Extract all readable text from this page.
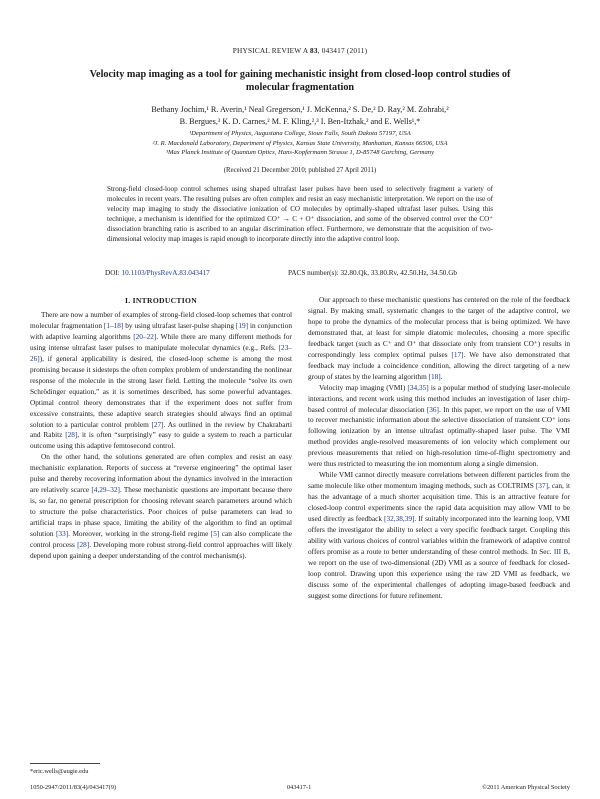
PHYSICAL REVIEW A 83, 043417 (2011)
Velocity map imaging as a tool for gaining mechanistic insight from closed-loop control studies of molecular fragmentation
Bethany Jochim,¹ R. Averin,¹ Neal Gregerson,¹ J. McKenna,² S. De,² D. Ray,² M. Zohrabi,²
B. Bergues,³ K. D. Carnes,² M. F. Kling,²,³ I. Ben-Itzhak,² and E. Wells¹,*
¹Department of Physics, Augustana College, Sioux Falls, South Dakota 57197, USA
²J. R. Macdonald Laboratory, Department of Physics, Kansas State University, Manhattan, Kansas 66506, USA
³Max Planck Institute of Quantum Optics, Hans-Kopfermann Strasse 1, D-85748 Garching, Germany
(Received 21 December 2010; published 27 April 2011)

Strong-field closed-loop control schemes using shaped ultrafast laser pulses have been used to selectively fragment a variety of molecules in recent years. The resulting pulses are often complex and resist an easy mechanistic interpretation. We report on the use of velocity map imaging to study the dissociative ionization of CO molecules by optimally-shaped ultrafast laser pulses. Using this technique, a mechanism is identified for the optimized CO⁺ → C + O⁺ dissociation, and some of the observed control over the CO⁺ dissociation branching ratio is ascribed to an angular discrimination effect. Furthermore, we demonstrate that the acquisition of two-dimensional velocity map images is rapid enough to incorporate directly into the adaptive control loop.

DOI: 10.1103/PhysRevA.83.043417	PACS number(s): 32.80.Qk, 33.80.Rv, 42.50.Hz, 34.50.Gb
I. INTRODUCTION

There are now a number of examples of strong-field closed-loop schemes that control molecular fragmentation [1–18] by using ultrafast laser-pulse shaping [19] in conjunction with adaptive learning algorithms [20–22]. While there are many different methods for using intense ultrafast laser pulses to manipulate molecular dynamics (e.g., Refs. [23–26]), if general applicability is desired, the closed-loop scheme is among the most promising because it sidesteps the often complex problem of understanding the nonlinear response of the molecule in the strong laser field. Letting the molecule “solve its own Schrödinger equation,” as it is sometimes described, has some powerful advantages. Optimal control theory demonstrates that if the experiment does not suffer from excessive constraints, these adaptive search strategies should always find an optimal solution to a particular control problem [27]. As outlined in the review by Chakrabarti and Rabitz [28], it is often “surprisingly” easy to guide a system to reach a particular outcome using this adaptive femtosecond control.

On the other hand, the solutions generated are often complex and resist an easy mechanistic explanation. Reports of success at “reverse engineering” the optimal laser pulse and thereby recovering information about the dynamics involved in the interaction are relatively scarce [4,29–32]. These mechanistic questions are important because there is, so far, no general prescription for choosing relevant search parameters around which to structure the pulse characteristics. Poor choices of pulse parameters can lead to artificial traps in phase space, limiting the ability of the algorithm to find an optimal solution [33]. Moreover, working in the strong-field regime [5] can also complicate the control process [28]. Developing more robust strong-field control approaches will likely depend upon gaining a deeper understanding of the control mechanism(s).

Our approach to these mechanistic questions has centered on the role of the feedback signal. By making small, systematic changes to the target of the adaptive control, we hope to probe the dynamics of the molecular process that is being optimized. We have demonstrated that, at least for simple diatomic molecules, choosing a more specific feedback target (such as C⁺ and O⁺ that dissociate only from transient CO⁺) results in correspondingly less complex optimal pulses [17]. We have also demonstrated that feedback may include a coincidence condition, allowing the direct targeting of a new group of states by the learning algorithm [18].

Velocity map imaging (VMI) [34,35] is a popular method of studying laser-molecule interactions, and recent work using this method includes an investigation of laser chirp-based control of molecular dissociation [36]. In this paper, we report on the use of VMI to recover mechanistic information about the selective dissociation of transient CO⁺ ions following ionization by an intense ultrafast optimally-shaped laser pulse. The VMI method provides angle-resolved measurements of ion velocity which complement our previous measurements that relied on high-resolution time-of-flight spectrometry and were thus restricted to measuring the ion momentum along a single dimension.

While VMI cannot directly measure correlations between different particles from the same molecule like other momentum imaging methods, such as COLTRIMS [37], can, it has the advantage of a much shorter acquisition time. This is an attractive feature for closed-loop control experiments since the rapid data acquisition may allow VMI to be used directly as feedback [32,38,39]. If suitably incorporated into the learning loop, VMI offers the investigator the ability to select a very specific feedback target. Coupling this ability with various choices of control variables within the framework of adaptive control offers promise as a route to better understanding of these control methods. In Sec. III B, we report on the use of two-dimensional (2D) VMI as a source of feedback for closed-loop control. Drawing upon this experience using the raw 2D VMI as feedback, we discuss some of the experimental challenges of adopting image-based feedback and suggest some directions for future refinement.

*eric.wells@augie.edu
1050-2947/2011/83(4)/043417(9)	043417-1	©2011 American Physical Society
